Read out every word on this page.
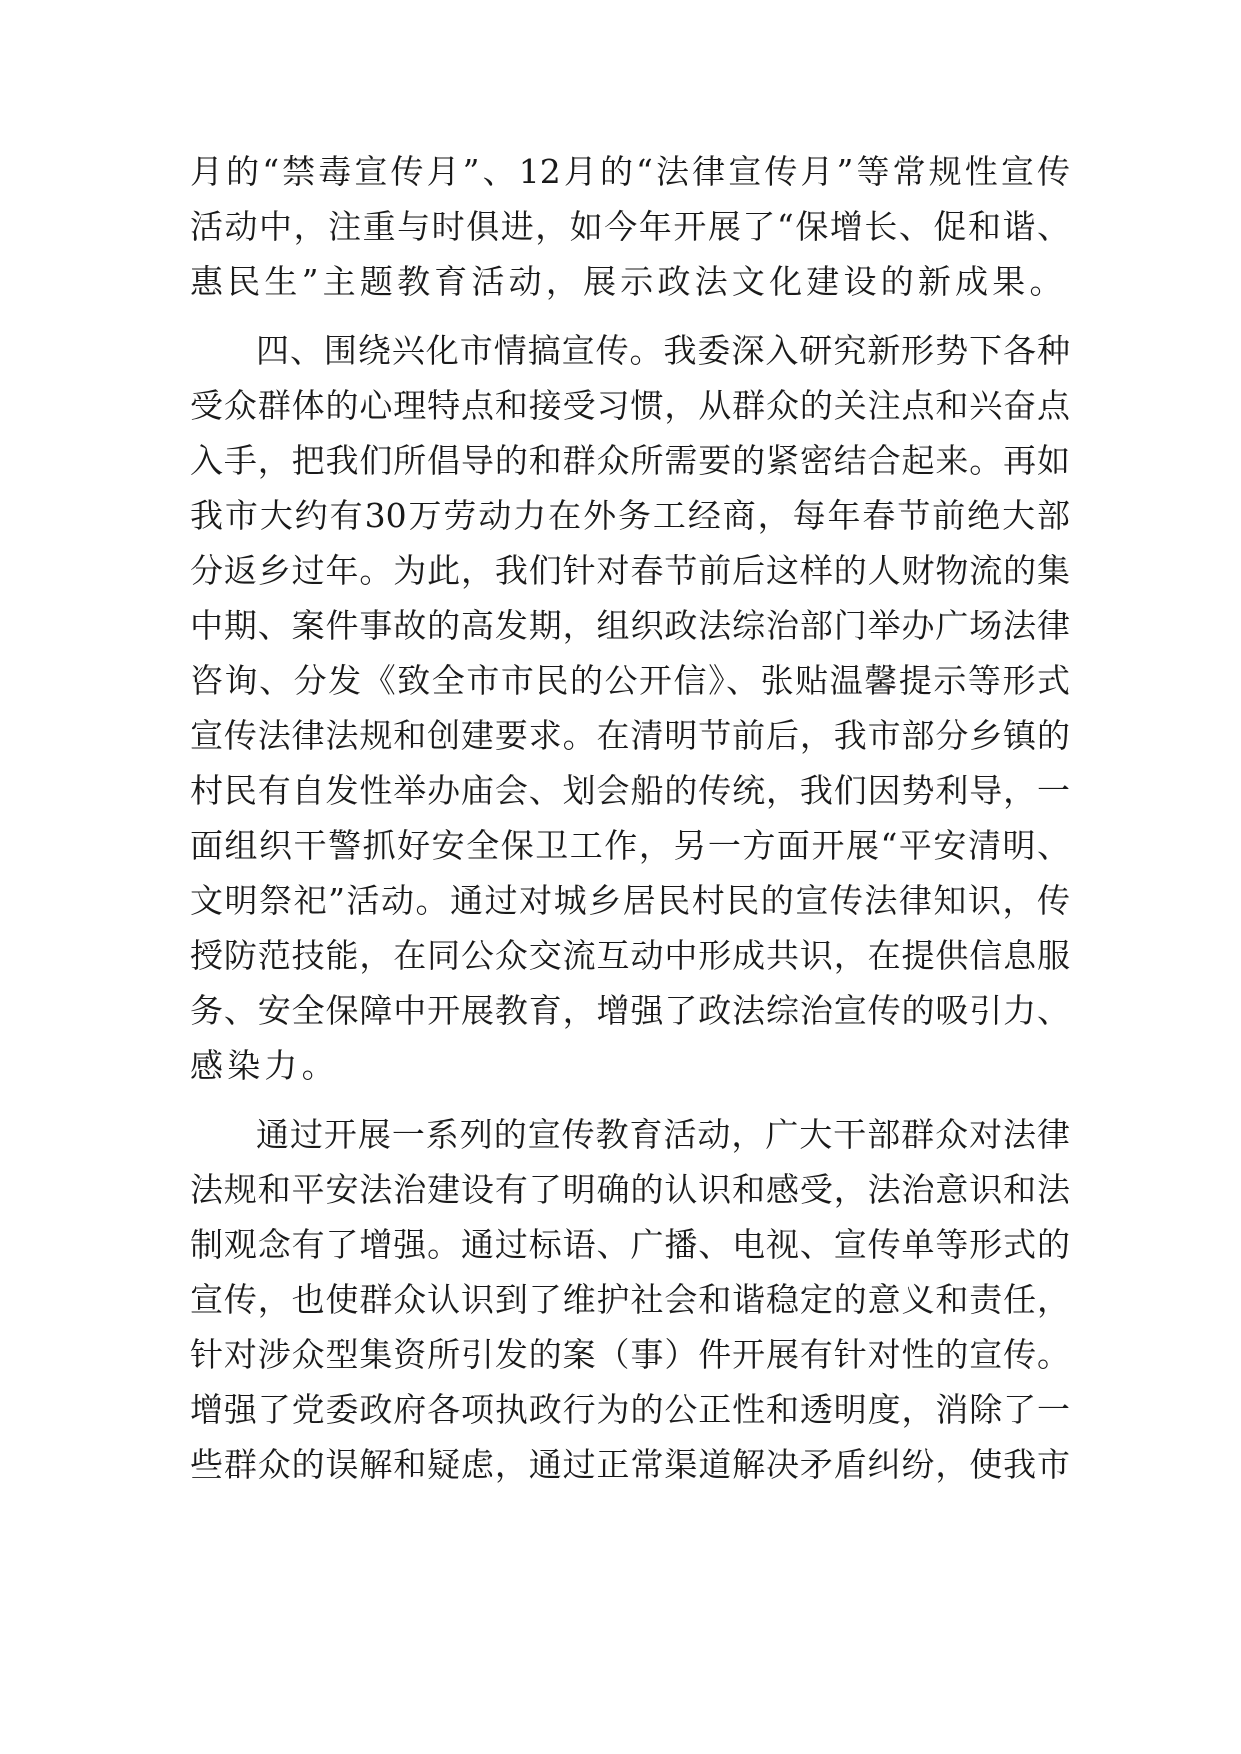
月的“禁毒宣传月”、12月的“法律宣传月”等常规性宣传
活动中，注重与时俱进，如今年开展了“保增长、促和谐、
惠民生”主题教育活动，展示政法文化建设的新成果。
四、围绕兴化市情搞宣传。我委深入研究新形势下各种
受众群体的心理特点和接受习惯，从群众的关注点和兴奋点
入手，把我们所倡导的和群众所需要的紧密结合起来。再如
我市大约有30万劳动力在外务工经商，每年春节前绝大部
分返乡过年。为此，我们针对春节前后这样的人财物流的集
中期、案件事故的高发期，组织政法综治部门举办广场法律
咨询、分发《致全市市民的公开信》、张贴温馨提示等形式
宣传法律法规和创建要求。在清明节前后，我市部分乡镇的
村民有自发性举办庙会、划会船的传统，我们因势利导，一
面组织干警抓好安全保卫工作，另一方面开展“平安清明、
文明祭祀”活动。通过对城乡居民村民的宣传法律知识，传
授防范技能，在同公众交流互动中形成共识，在提供信息服
务、安全保障中开展教育，增强了政法综治宣传的吸引力、
感染力。
通过开展一系列的宣传教育活动，广大干部群众对法律
法规和平安法治建设有了明确的认识和感受，法治意识和法
制观念有了增强。通过标语、广播、电视、宣传单等形式的
宣传，也使群众认识到了维护社会和谐稳定的意义和责任，
针对涉众型集资所引发的案（事）件开展有针对性的宣传。
增强了党委政府各项执政行为的公正性和透明度，消除了一
些群众的误解和疑虑，通过正常渠道解决矛盾纠纷，使我市
